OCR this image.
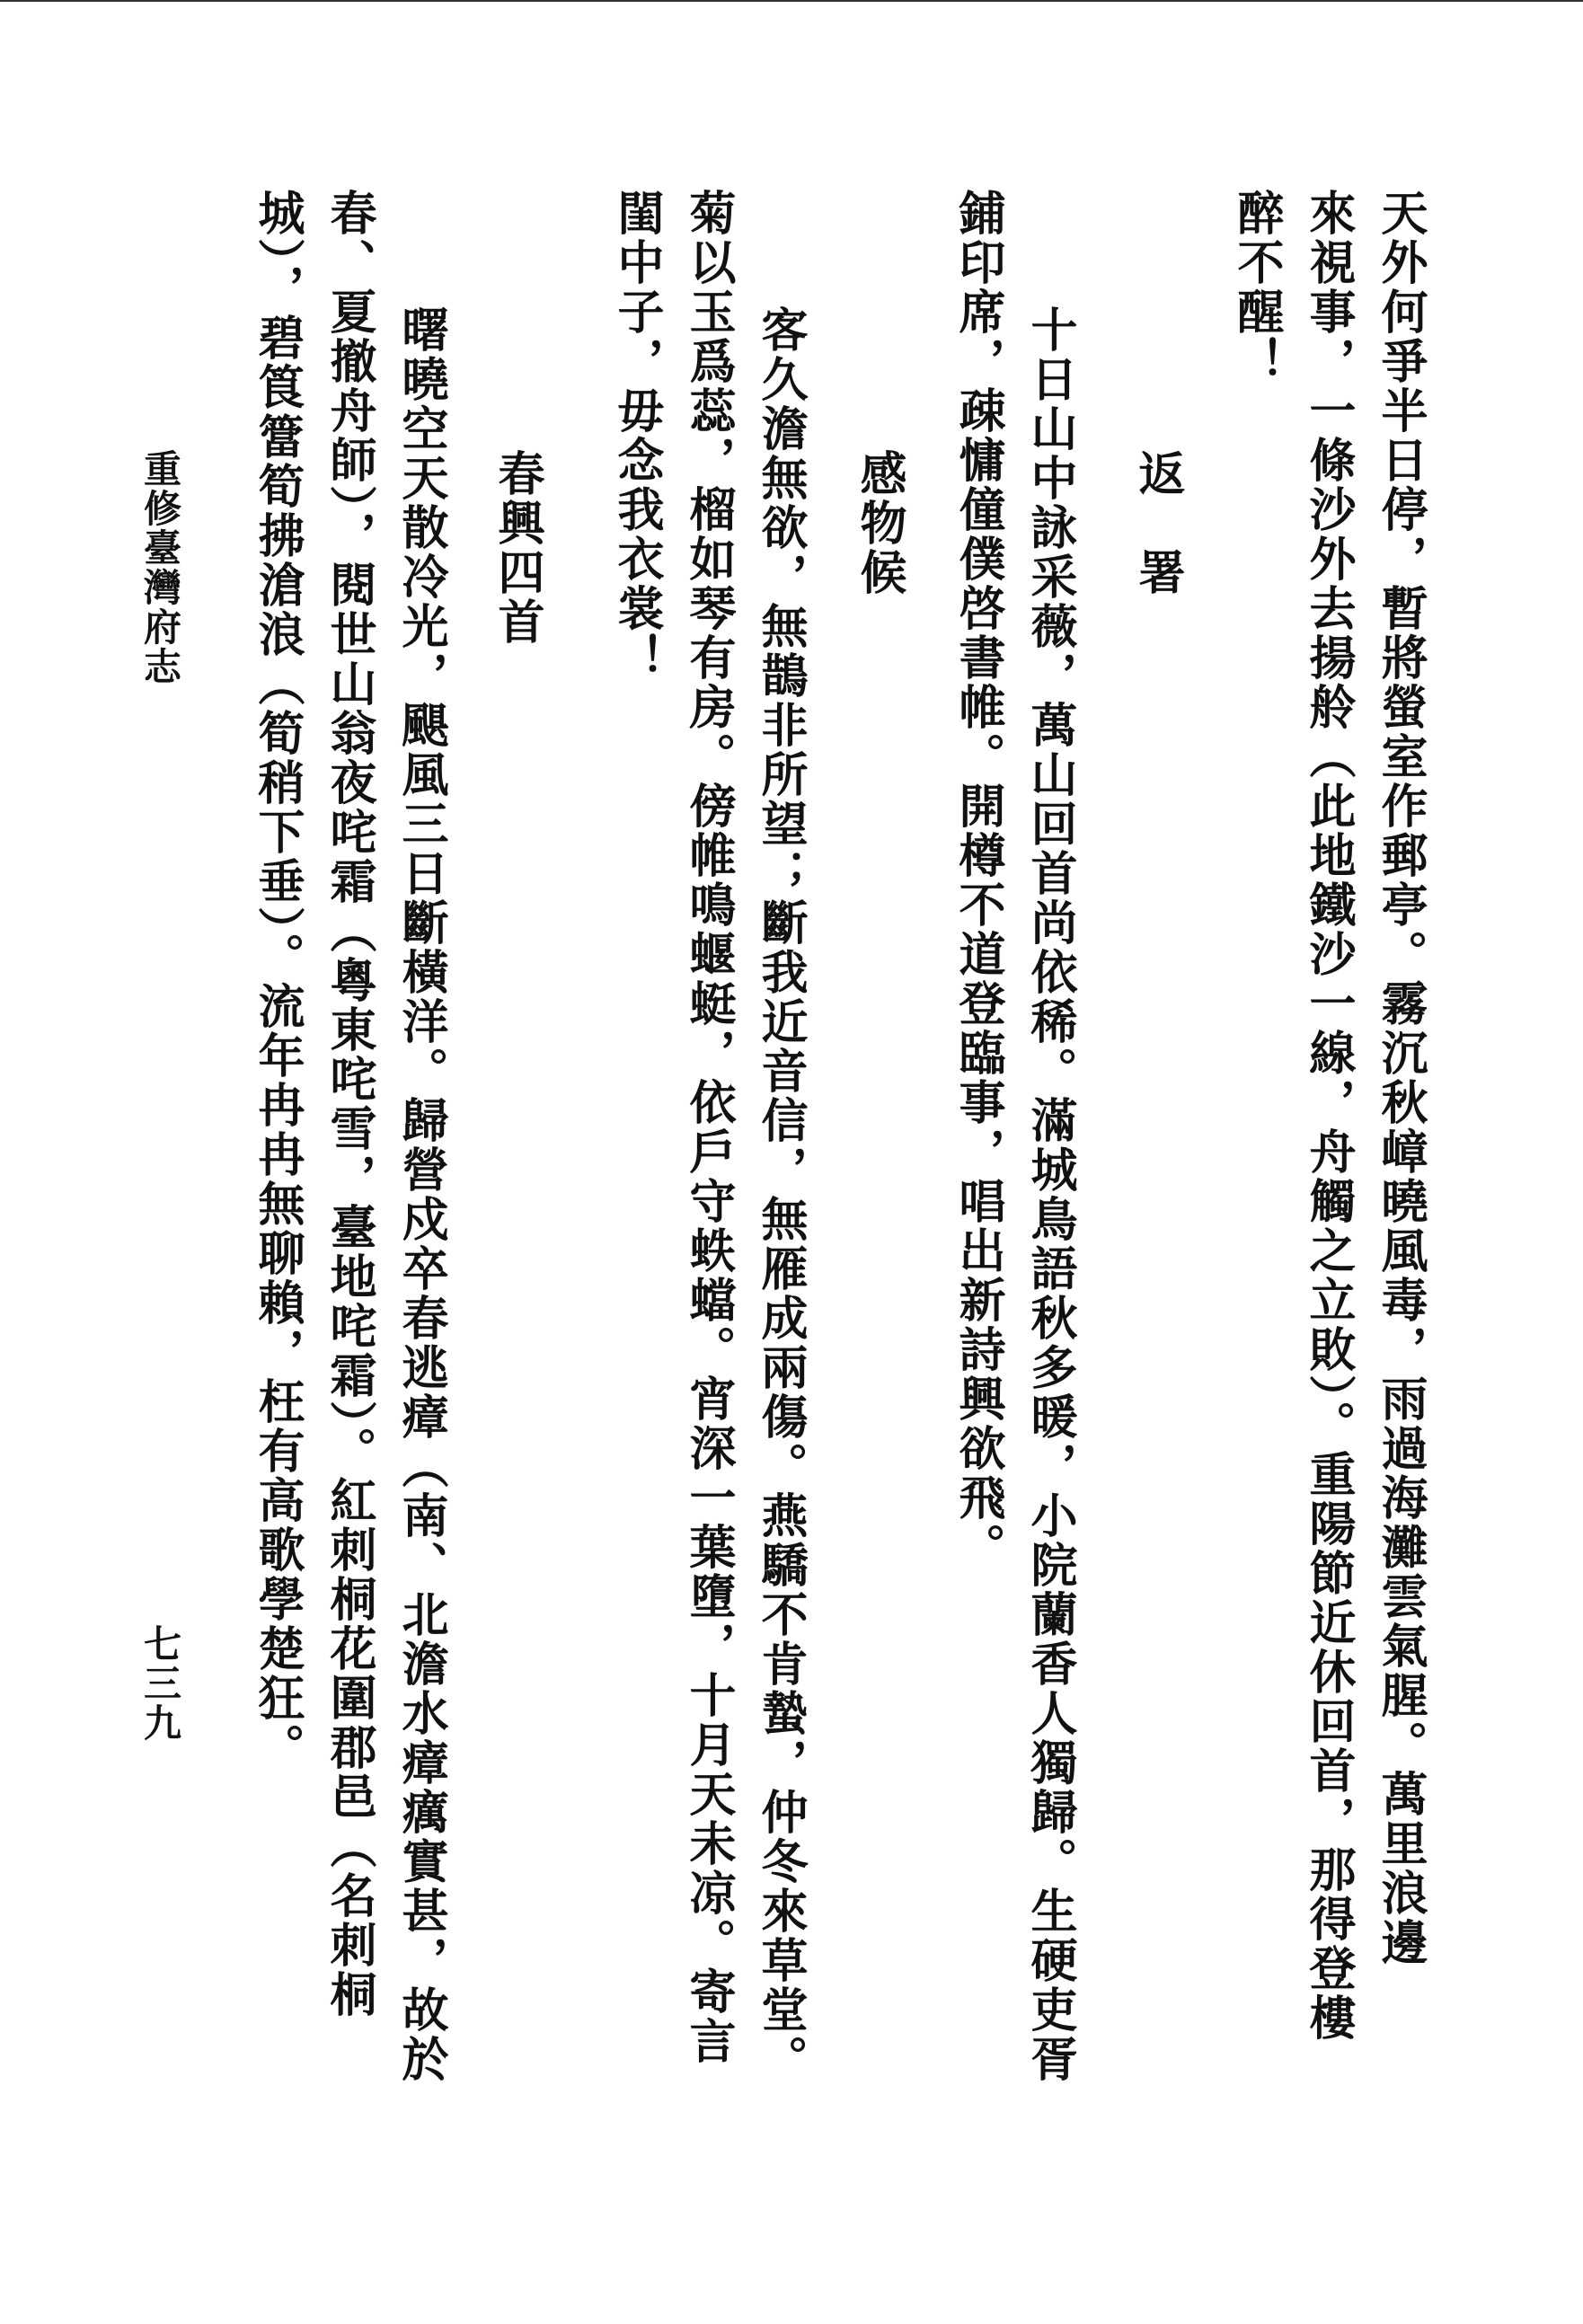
天外何爭半日停，暫將螢室作郵亭。霧沉秋嶂曉風毒，雨過海灘雲氣腥。萬里浪邊
來視事，一條沙外去揚舲（此地鐵沙一線，舟觸之立敗）。重陽節近休回首，那得登樓
醉不醒！
返　署
十日山中詠采薇，萬山回首尚依稀。滿城鳥語秋多暖，小院蘭香人獨歸。生硬吏胥
鋪印席，疎慵僮僕啓書帷。開樽不道登臨事，唱出新詩興欲飛。
感物候
客久澹無欲，無鵲非所望；斷我近音信，無雁成兩傷。燕驕不肯蟄，仲冬來草堂。
菊以玉爲蕊，榴如琴有房。傍帷鳴蝘蜓，依戶守蛈蟷。宵深一葉墮，十月天未凉。寄言
閨中子，毋念我衣裳！
春興四首
曙曉空天散冷光，颶風三日斷橫洋。歸營戍卒春逃瘴（南、北澹水瘴癘實甚，故於
春、夏撤舟師），閱世山翁夜咤霜（粵東咤雪，臺地咤霜）。紅刺桐花圍郡邑（名刺桐
城），碧筤簹筍拂滄浪（筍稍下垂）。流年冉冉無聊賴，枉有高歌學楚狂。
重修臺灣府志
七三九
